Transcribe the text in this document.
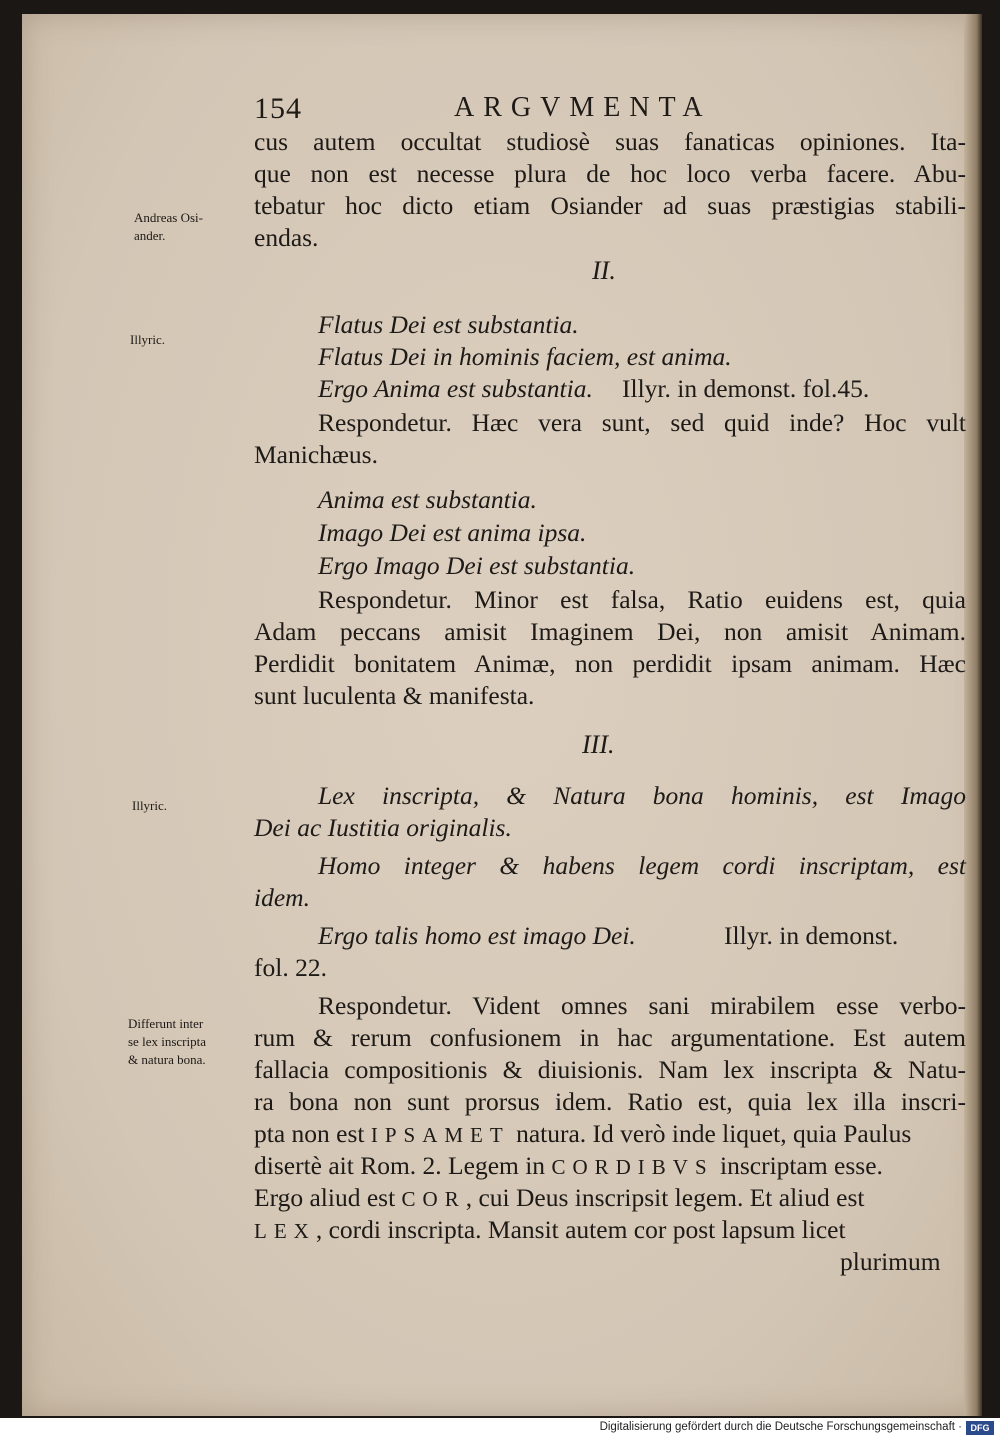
154	ARGVMENTA
Andreas Osi-
ander.
Illyric.
Illyric.
Differunt inter
se lex inscripta
& natura bona.
cus autem occultat studiosè suas fanaticas opiniones. Ita-
que non est necesse plura de hoc loco verba facere. Abu-
tebatur hoc dicto etiam Osiander ad suas præstigias stabili-
endas.
II.
Flatus Dei est substantia.
Flatus Dei in hominis faciem, est anima.
Ergo Anima est substantia. Illyr. in demonst. fol.45.
Respondetur. Hæc vera sunt, sed quid inde? Hoc vult
Manichæus.
Anima est substantia.
Imago Dei est anima ipsa.
Ergo Imago Dei est substantia.
Respondetur. Minor est falsa, Ratio euidens est, quia
Adam peccans amisit Imaginem Dei, non amisit Animam.
Perdidit bonitatem Animæ, non perdidit ipsam animam. Hæc
sunt luculenta & manifesta.
III.
Lex inscripta, & Natura bona hominis, est Imago
Dei ac Iustitia originalis.
Homo integer & habens legem cordi inscriptam, est
idem.
Ergo talis homo est imago Dei.	Illyr. in demonst.
fol. 22.
Respondetur. Vident omnes sani mirabilem esse verbo-
rum & rerum confusionem in hac argumentatione. Est autem
fallacia compositionis & diuisionis. Nam lex inscripta & Natu-
ra bona non sunt prorsus idem. Ratio est, quia lex illa inscri-
pta non est IPSAMET natura. Id verò inde liquet, quia Paulus
disertè ait Rom. 2. Legem in CORDIBVS inscriptam esse.
Ergo aliud est COR, cui Deus inscripsit legem. Et aliud est
LEX, cordi inscripta. Mansit autem cor post lapsum licet
plurimum
Digitalisierung gefördert durch die Deutsche Forschungsgemeinschaft · DFG
